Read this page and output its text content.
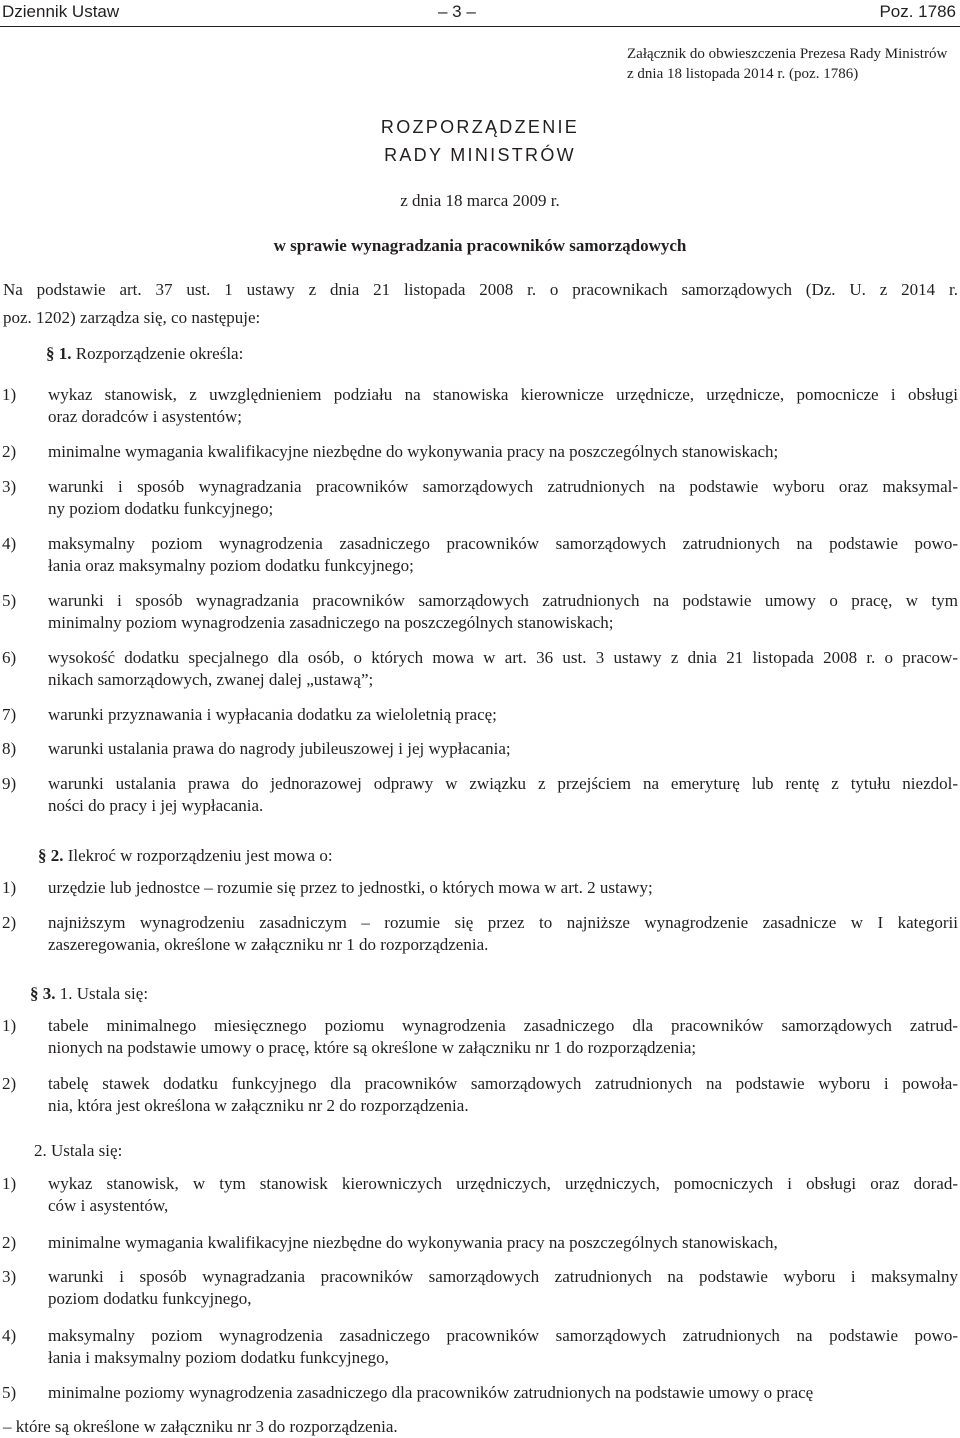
Dziennik Ustaw	– 3 –	Poz. 1786
Załącznik do obwieszczenia Prezesa Rady Ministrów
z dnia 18 listopada 2014 r. (poz. 1786)
ROZPORZĄDZENIE
RADY MINISTRÓW
z dnia 18 marca 2009 r.
w sprawie wynagradzania pracowników samorządowych
Na podstawie art. 37 ust. 1 ustawy z dnia 21 listopada 2008 r. o pracownikach samorządowych (Dz. U. z 2014 r.
poz. 1202) zarządza się, co następuje:
§ 1. Rozporządzenie określa:
1) wykaz stanowisk, z uwzględnieniem podziału na stanowiska kierownicze urzędnicze, urzędnicze, pomocnicze i obsługi
oraz doradców i asystentów;
2) minimalne wymagania kwalifikacyjne niezbędne do wykonywania pracy na poszczególnych stanowiskach;
3) warunki i sposób wynagradzania pracowników samorządowych zatrudnionych na podstawie wyboru oraz maksymal-
ny poziom dodatku funkcyjnego;
4) maksymalny poziom wynagrodzenia zasadniczego pracowników samorządowych zatrudnionych na podstawie powo-
łania oraz maksymalny poziom dodatku funkcyjnego;
5) warunki i sposób wynagradzania pracowników samorządowych zatrudnionych na podstawie umowy o pracę, w tym
minimalny poziom wynagrodzenia zasadniczego na poszczególnych stanowiskach;
6) wysokość dodatku specjalnego dla osób, o których mowa w art. 36 ust. 3 ustawy z dnia 21 listopada 2008 r. o pracow-
nikach samorządowych, zwanej dalej „ustawą”;
7) warunki przyznawania i wypłacania dodatku za wieloletnią pracę;
8) warunki ustalania prawa do nagrody jubileuszowej i jej wypłacania;
9) warunki ustalania prawa do jednorazowej odprawy w związku z przejściem na emeryturę lub rentę z tytułu niezdol-
ności do pracy i jej wypłacania.
§ 2. Ilekroć w rozporządzeniu jest mowa o:
1) urzędzie lub jednostce – rozumie się przez to jednostki, o których mowa w art. 2 ustawy;
2) najniższym wynagrodzeniu zasadniczym – rozumie się przez to najniższe wynagrodzenie zasadnicze w I kategorii
zaszeregowania, określone w załączniku nr 1 do rozporządzenia.
§ 3. 1. Ustala się:
1) tabele minimalnego miesięcznego poziomu wynagrodzenia zasadniczego dla pracowników samorządowych zatrud-
nionych na podstawie umowy o pracę, które są określone w załączniku nr 1 do rozporządzenia;
2) tabelę stawek dodatku funkcyjnego dla pracowników samorządowych zatrudnionych na podstawie wyboru i powoła-
nia, która jest określona w załączniku nr 2 do rozporządzenia.
2. Ustala się:
1) wykaz stanowisk, w tym stanowisk kierowniczych urzędniczych, urzędniczych, pomocniczych i obsługi oraz dorad-
ców i asystentów,
2) minimalne wymagania kwalifikacyjne niezbędne do wykonywania pracy na poszczególnych stanowiskach,
3) warunki i sposób wynagradzania pracowników samorządowych zatrudnionych na podstawie wyboru i maksymalny
poziom dodatku funkcyjnego,
4) maksymalny poziom wynagrodzenia zasadniczego pracowników samorządowych zatrudnionych na podstawie powo-
łania i maksymalny poziom dodatku funkcyjnego,
5) minimalne poziomy wynagrodzenia zasadniczego dla pracowników zatrudnionych na podstawie umowy o pracę
– które są określone w załączniku nr 3 do rozporządzenia.
